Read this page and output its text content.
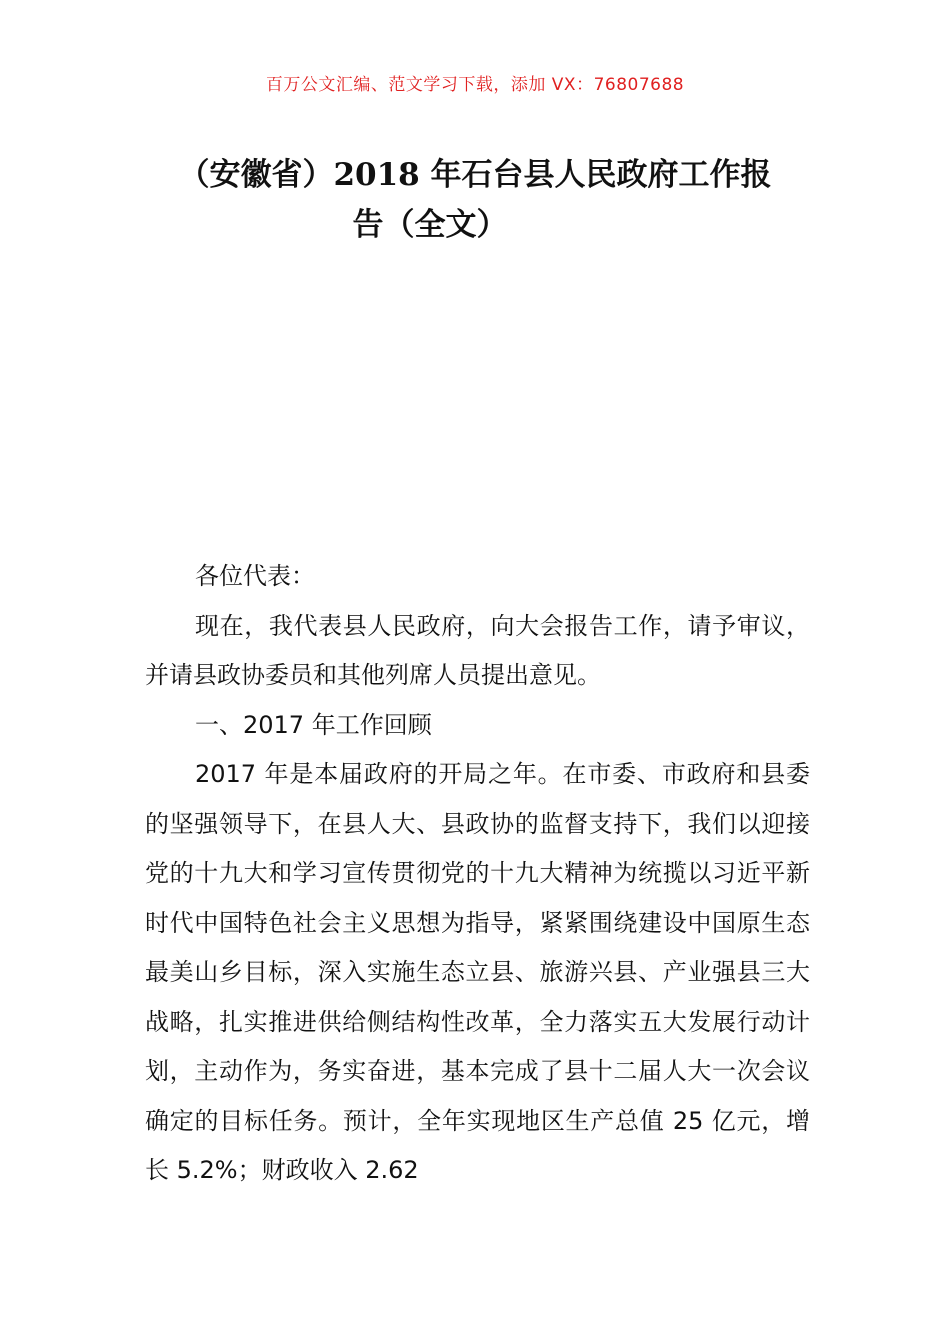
百万公文汇编、范文学习下载，添加 VX：76807688
（安徽省）2018 年石台县人民政府工作报
告（全文）

各位代表：

现在，我代表县人民政府，向大会报告工作，请予审议，并请县政协委员和其他列席人员提出意见。

一、2017 年工作回顾

2017 年是本届政府的开局之年。在市委、市政府和县委的坚强领导下，在县人大、县政协的监督支持下，我们以迎接党的十九大和学习宣传贯彻党的十九大精神为统揽以习近平新时代中国特色社会主义思想为指导，紧紧围绕建设中国原生态最美山乡目标，深入实施生态立县、旅游兴县、产业强县三大战略，扎实推进供给侧结构性改革，全力落实五大发展行动计划，主动作为，务实奋进，基本完成了县十二届人大一次会议确定的目标任务。预计，全年实现地区生产总值 25 亿元，增长 5.2%；财政收入 2.62
